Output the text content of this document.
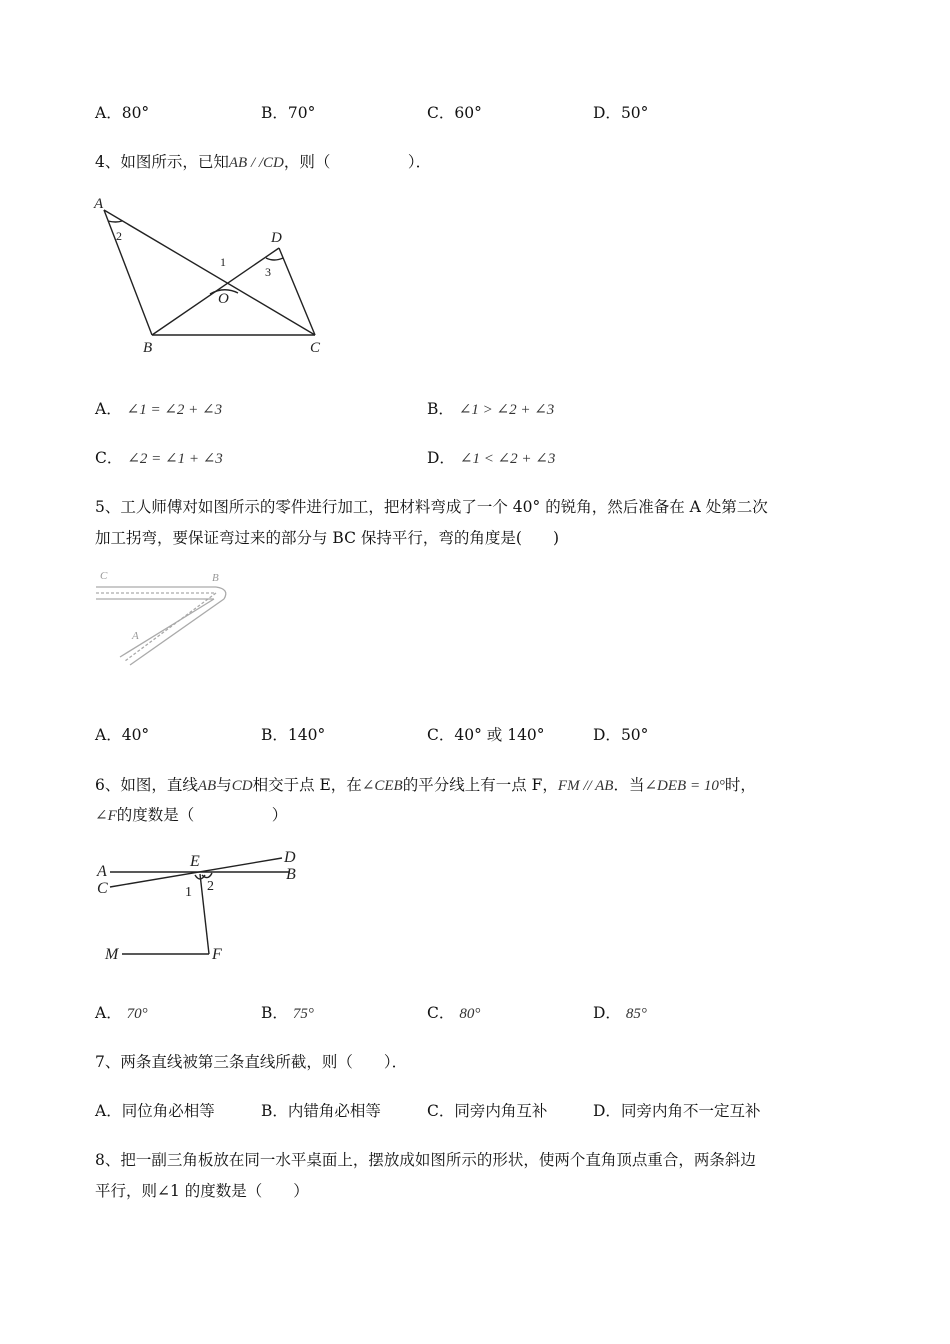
A．80°	B．70°	C．60°	D．50°
4、如图所示，已知AB / /CD，则（　　　　　）．
A
B	C
D
O
1
2
3
A． ∠1 = ∠2 + ∠3	B． ∠1 > ∠2 + ∠3
C． ∠2 = ∠1 + ∠3	D． ∠1 < ∠2 + ∠3
5、工人师傅对如图所示的零件进行加工，把材料弯成了一个 40° 的锐角，然后准备在 A 处第二次
加工拐弯，要保证弯过来的部分与 BC 保持平行，弯的角度是(　　)
C	B
A
A．40°	B．140°	C．40° 或 140°	D．50°
6、如图，直线AB与CD相交于点 E，在∠CEB的平分线上有一点 F，FM // AB．当∠DEB = 10°时，
∠F的度数是（　　　　　）
A
C
E	D
B
M	F
1 2
A． 70°	B． 75°	C． 80°	D． 85°
7、两条直线被第三条直线所截，则（　　）．
A．同位角必相等	B．内错角必相等	C．同旁内角互补	D．同旁内角不一定互补
8、把一副三角板放在同一水平桌面上，摆放成如图所示的形状，使两个直角顶点重合，两条斜边
平行，则∠1 的度数是（　　）
